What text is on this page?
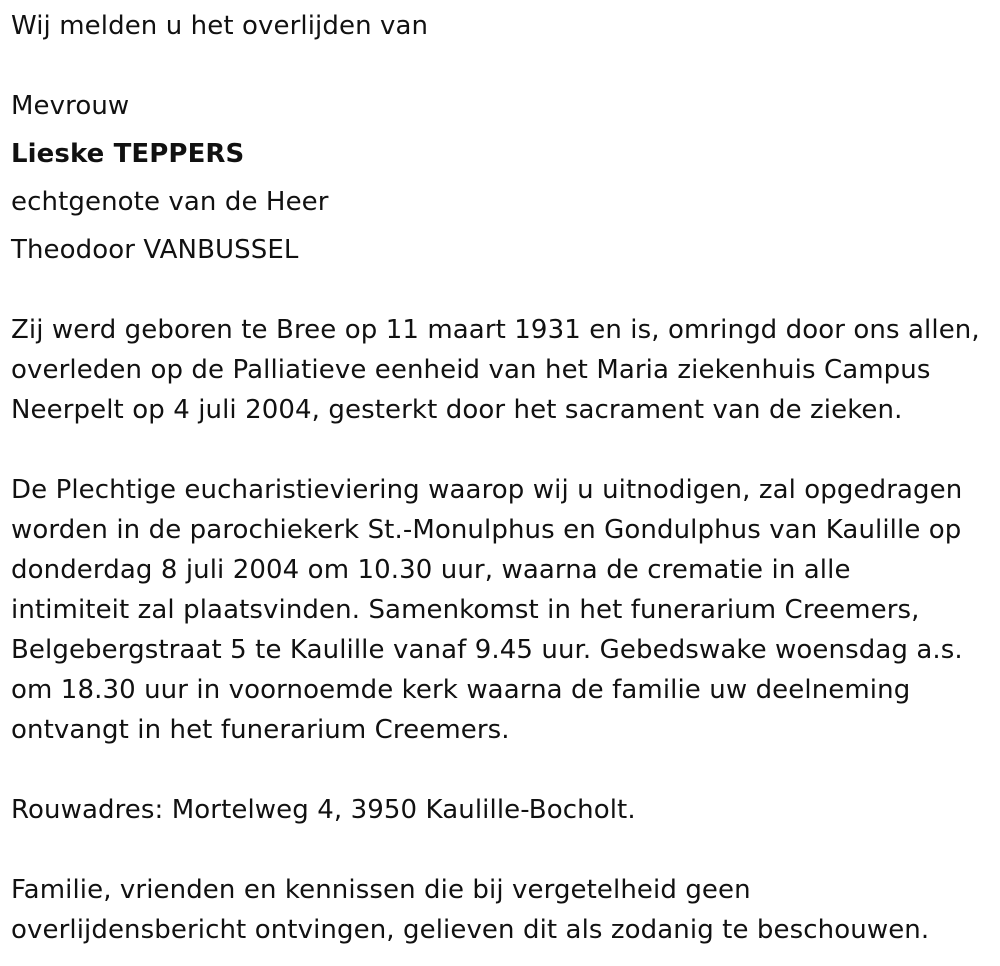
Wij melden u het overlijden van
Mevrouw
Lieske TEPPERS
echtgenote van de Heer
Theodoor VANBUSSEL
Zij werd geboren te Bree op 11 maart 1931 en is, omringd door ons allen,
overleden op de Palliatieve eenheid van het Maria ziekenhuis Campus
Neerpelt op 4 juli 2004, gesterkt door het sacrament van de zieken.
De Plechtige eucharistieviering waarop wij u uitnodigen, zal opgedragen
worden in de parochiekerk St.-Monulphus en Gondulphus van Kaulille op
donderdag 8 juli 2004 om 10.30 uur, waarna de crematie in alle
intimiteit zal plaatsvinden. Samenkomst in het funerarium Creemers,
Belgebergstraat 5 te Kaulille vanaf 9.45 uur. Gebedswake woensdag a.s.
om 18.30 uur in voornoemde kerk waarna de familie uw deelneming
ontvangt in het funerarium Creemers.
Rouwadres: Mortelweg 4, 3950 Kaulille-Bocholt.
Familie, vrienden en kennissen die bij vergetelheid geen
overlijdensbericht ontvingen, gelieven dit als zodanig te beschouwen.
